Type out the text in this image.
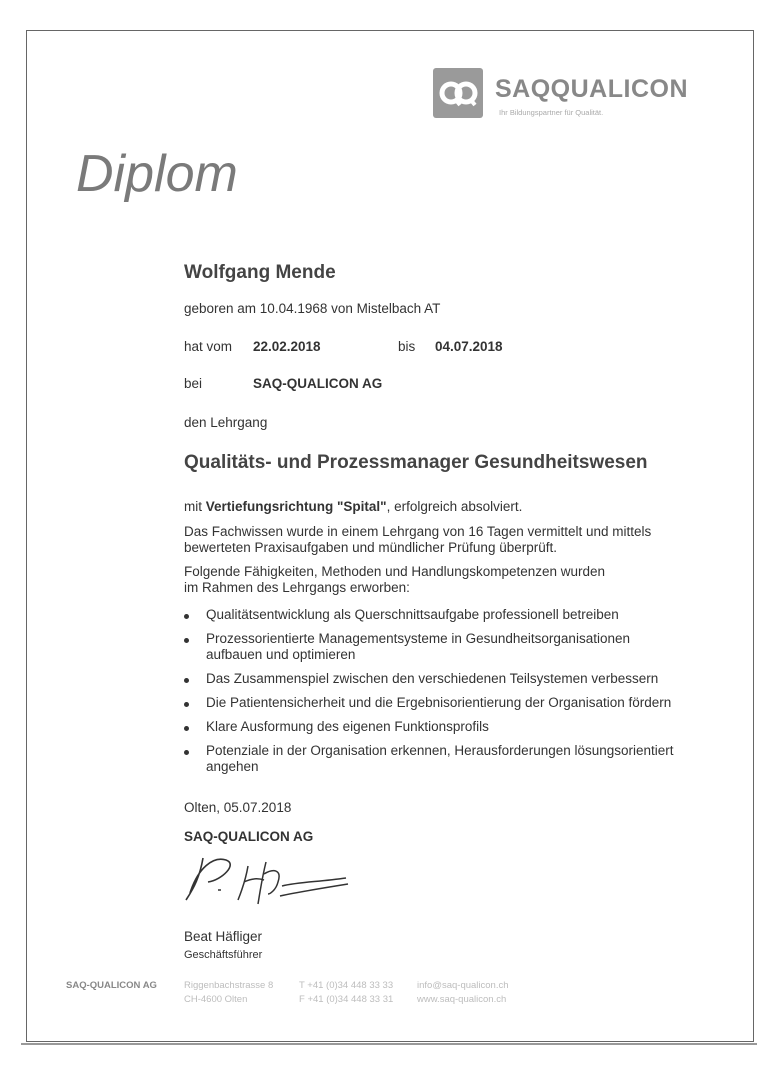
SAQQUALICON
Ihr Bildungspartner für Qualität.
Diplom
Wolfgang Mende
geboren am 10.04.1968 von Mistelbach AT
hat vom 22.02.2018	bis 04.07.2018
bei	SAQ-QUALICON AG
den Lehrgang
Qualitäts- und Prozessmanager Gesundheitswesen
mit Vertiefungsrichtung "Spital", erfolgreich absolviert.
Das Fachwissen wurde in einem Lehrgang von 16 Tagen vermittelt und mittels
bewerteten Praxisaufgaben und mündlicher Prüfung überprüft.
Folgende Fähigkeiten, Methoden und Handlungskompetenzen wurden
im Rahmen des Lehrgangs erworben:
Qualitätsentwicklung als Querschnittsaufgabe professionell betreiben
Prozessorientierte Managementsysteme in Gesundheitsorganisationen
aufbauen und optimieren
Das Zusammenspiel zwischen den verschiedenen Teilsystemen verbessern
Die Patientensicherheit und die Ergebnisorientierung der Organisation fördern
Klare Ausformung des eigenen Funktionsprofils
Potenziale in der Organisation erkennen, Herausforderungen lösungsorientiert
angehen
Olten, 05.07.2018
SAQ-QUALICON AG
Beat Häfliger
Geschäftsführer
SAQ-QUALICON AG	Riggenbachstrasse 8
CH-4600 Olten
T +41 (0)34 448 33 33
F +41 (0)34 448 33 31
info@saq-qualicon.ch
www.saq-qualicon.ch
